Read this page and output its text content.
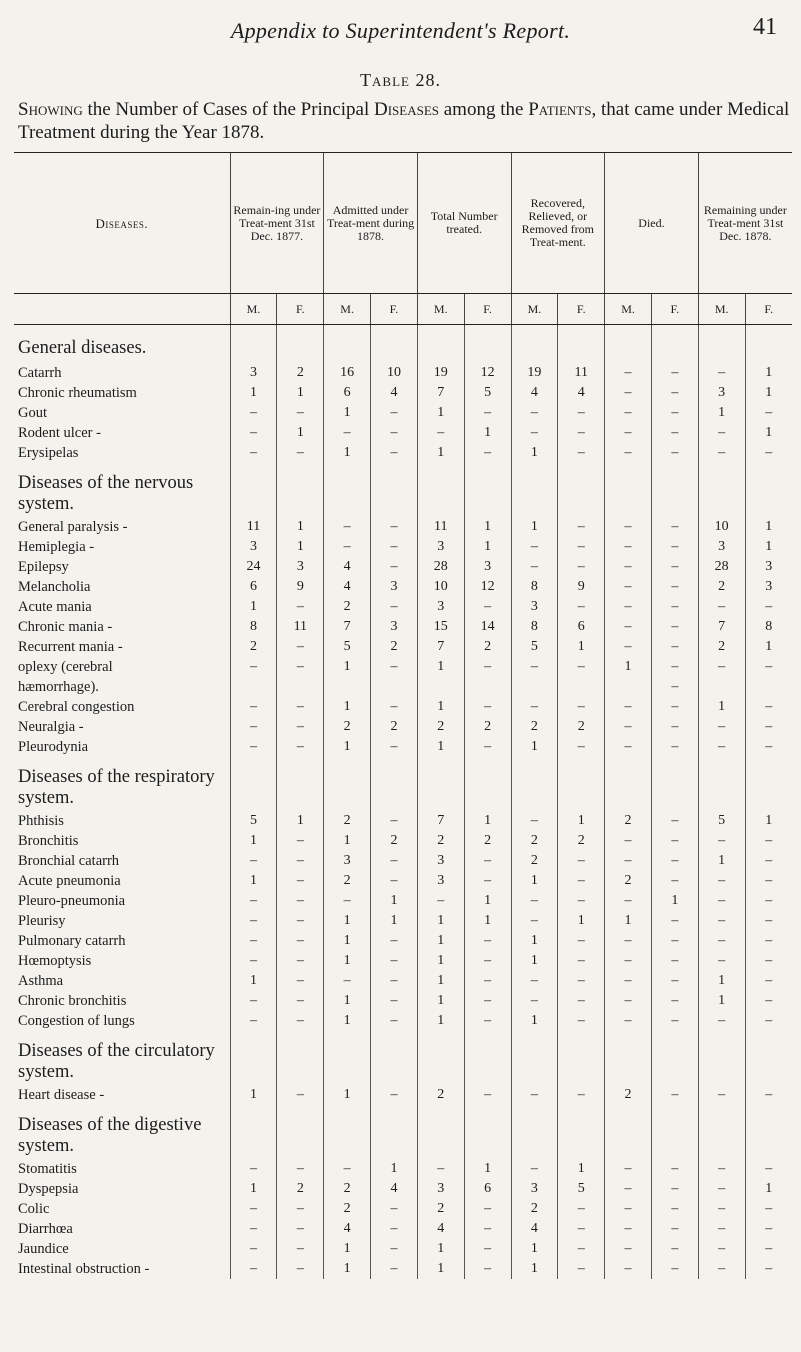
Appendix to Superintendent's Report.	41
Table 28.
Showing the Number of Cases of the Principal Diseases among the Patients, that came under Medical Treatment during the Year 1878.
Diseases.	Remain-ing under Treat-ment 31st Dec. 1877.		Admitted under Treat-ment during 1878.		Total Number treated.		Recovered, Relieved, or Removed from Treat-ment.		Died.		Remaining under Treat-ment 31st Dec. 1878.	
	M.	F.	M.	F.	M.	F.	M.	F.	M.	F.	M.	F.
General diseases.												
Catarrh	3	2	16	10	19	12	19	11	–	–	–	1
Chronic rheumatism	1	1	6	4	7	5	4	4	–	–	3	1
Gout	–	–	1	–	1	–	–	–	–	–	1	–
Rodent ulcer -	–	1	–	–	–	1	–	–	–	–	–	1
Erysipelas	–	–	1	–	1	–	1	–	–	–	–	–
Diseases of the nervous system.												
General paralysis -	11	1	–	–	11	1	1	–	–	–	10	1
Hemiplegia -	3	1	–	–	3	1	–	–	–	–	3	1
Epilepsy	24	3	4	–	28	3	–	–	–	–	28	3
Melancholia	6	9	4	3	10	12	8	9	–	–	2	3
Acute mania	1	–	2	–	3	–	3	–	–	–	–	–
Chronic mania -	8	11	7	3	15	14	8	6	–	–	7	8
Recurrent mania -	2	–	5	2	7	2	5	1	–	–	2	1
oplexy (cerebral	–	–	1	–	1	–	–	–	1	–	–	–
hæmorrhage).										–		
Cerebral congestion	–	–	1	–	1	–	–	–	–	–	1	–
Neuralgia -	–	–	2	2	2	2	2	2	–	–	–	–
Pleurodynia	–	–	1	–	1	–	1	–	–	–	–	–
Diseases of the respiratory system.												
Phthisis	5	1	2	–	7	1	–	1	2	–	5	1
Bronchitis	1	–	1	2	2	2	2	2	–	–	–	–
Bronchial catarrh	–	–	3	–	3	–	2	–	–	–	1	–
Acute pneumonia	1	–	2	–	3	–	1	–	2	–	–	–
Pleuro-pneumonia	–	–	–	1	–	1	–	–	–	1	–	–
Pleurisy	–	–	1	1	1	1	–	1	1	–	–	–
Pulmonary catarrh	–	–	1	–	1	–	1	–	–	–	–	–
Hœmoptysis	–	–	1	–	1	–	1	–	–	–	–	–
Asthma	1	–	–	–	1	–	–	–	–	–	1	–
Chronic bronchitis	–	–	1	–	1	–	–	–	–	–	1	–
Congestion of lungs	–	–	1	–	1	–	1	–	–	–	–	–
Diseases of the circulatory system.												
Heart disease -	1	–	1	–	2	–	–	–	2	–	–	–
Diseases of the digestive system.												
Stomatitis	–	–	–	1	–	1	–	1	–	–	–	–
Dyspepsia	1	2	2	4	3	6	3	5	–	–	–	1
Colic	–	–	2	–	2	–	2	–	–	–	–	–
Diarrhœa	–	–	4	–	4	–	4	–	–	–	–	–
Jaundice	–	–	1	–	1	–	1	–	–	–	–	–
Intestinal obstruction -	–	–	1	–	1	–	1	–	–	–	–	–
